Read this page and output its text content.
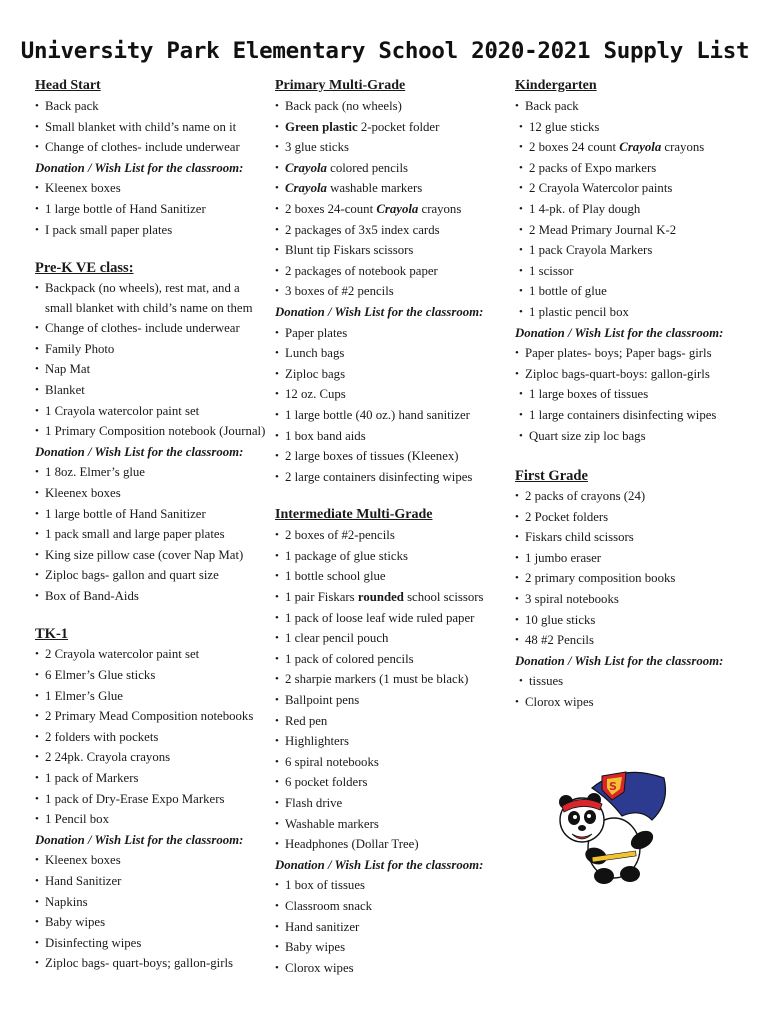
University Park Elementary School 2020-2021 Supply List
Head Start
• Back pack
• Small blanket with child’s name on it
• Change of clothes- include underwear
Donation / Wish List for the classroom:
• Kleenex boxes
• 1 large bottle of Hand Sanitizer
• I pack small paper plates
Pre-K VE class:
• Backpack (no wheels), rest mat, and a small blanket with child’s name on them
• Change of clothes- include underwear
• Family Photo
• Nap Mat
• Blanket
• 1 Crayola watercolor paint set
• 1 Primary Composition notebook (Journal)
Donation / Wish List for the classroom:
• 1 8oz. Elmer’s glue
• Kleenex boxes
• 1 large bottle of Hand Sanitizer
• 1 pack small and large paper plates
• King size pillow case (cover Nap Mat)
• Ziploc bags- gallon and quart size
• Box of Band-Aids
TK-1
• 2 Crayola watercolor paint set
• 6 Elmer’s Glue sticks
• 1 Elmer’s Glue
• 2 Primary Mead Composition notebooks
• 2 folders with pockets
• 2 24pk. Crayola crayons
• 1 pack of Markers
• 1 pack of Dry-Erase Expo Markers
• 1 Pencil box
Donation / Wish List for the classroom:
• Kleenex boxes
• Hand Sanitizer
• Napkins
• Baby wipes
• Disinfecting wipes
• Ziploc bags- quart-boys; gallon-girls
Primary Multi-Grade
• Back pack (no wheels)
• Green plastic 2-pocket folder
• 3 glue sticks
• Crayola colored pencils
• Crayola washable markers
• 2 boxes 24-count Crayola crayons
• 2 packages of 3x5 index cards
• Blunt tip Fiskars scissors
• 2 packages of notebook paper
• 3 boxes of #2 pencils
Donation / Wish List for the classroom:
• Paper plates
• Lunch bags
• Ziploc bags
• 12 oz. Cups
• 1 large bottle (40 oz.) hand sanitizer
• 1 box band aids
• 2 large boxes of tissues (Kleenex)
• 2 large containers disinfecting wipes
Intermediate Multi-Grade
• 2 boxes of #2-pencils
• 1 package of glue sticks
• 1 bottle school glue
• 1 pair Fiskars rounded school scissors
• 1 pack of loose leaf wide ruled paper
• 1 clear pencil pouch
• 1 pack of colored pencils
• 2 sharpie markers (1 must be black)
• Ballpoint pens
• Red pen
• Highlighters
• 6 spiral notebooks
• 6 pocket folders
• Flash drive
• Washable markers
• Headphones (Dollar Tree)
Donation / Wish List for the classroom:
• 1 box of tissues
• Classroom snack
• Hand sanitizer
• Baby wipes
• Clorox wipes
Kindergarten
• Back pack
• 12 glue sticks
• 2 boxes 24 count Crayola crayons
• 2 packs of Expo markers
• 2 Crayola Watercolor paints
• 1 4-pk. of Play dough
• 2 Mead Primary Journal K-2
• 1 pack Crayola Markers
• 1 scissor
• 1 bottle of glue
• 1 plastic pencil box
Donation / Wish List for the classroom:
• Paper plates- boys; Paper bags- girls
• Ziploc bags-quart-boys: gallon-girls
• 1 large boxes of tissues
• 1 large containers disinfecting wipes
• Quart size zip loc bags
First Grade
• 2 packs of crayons (24)
• 2 Pocket folders
• Fiskars child scissors
• 1 jumbo eraser
• 2 primary composition books
• 3 spiral notebooks
• 10 glue sticks
• 48 #2 Pencils
Donation / Wish List for the classroom:
• tissues
• Clorox wipes
S
